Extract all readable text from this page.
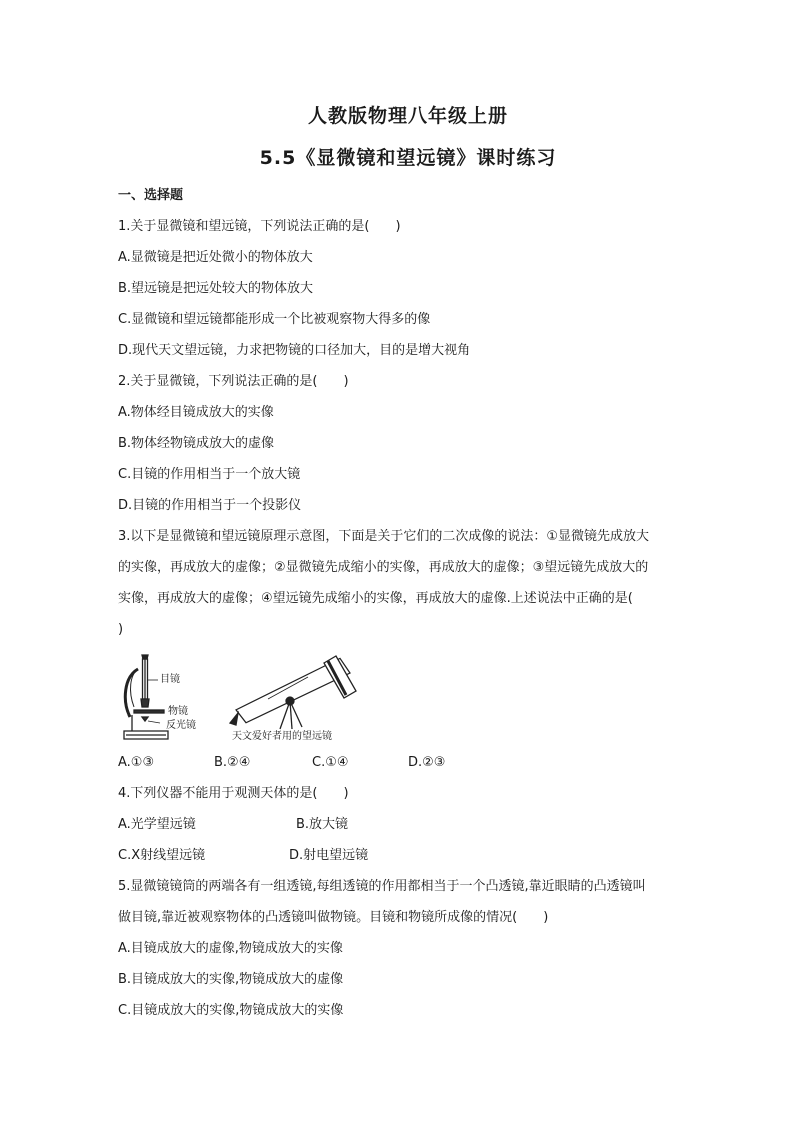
人教版物理八年级上册
5.5《显微镜和望远镜》课时练习
一、选择题
1.关于显微镜和望远镜，下列说法正确的是(　　)
A.显微镜是把近处微小的物体放大
B.望远镜是把远处较大的物体放大
C.显微镜和望远镜都能形成一个比被观察物大得多的像
D.现代天文望远镜，力求把物镜的口径加大，目的是增大视角
2.关于显微镜，下列说法正确的是(　　)
A.物体经目镜成放大的实像
B.物体经物镜成放大的虚像
C.目镜的作用相当于一个放大镜
D.目镜的作用相当于一个投影仪
3.以下是显微镜和望远镜原理示意图，下面是关于它们的二次成像的说法：①显微镜先成放大
的实像，再成放大的虚像；②显微镜先成缩小的实像，再成放大的虚像；③望远镜先成放大的
实像，再成放大的虚像；④望远镜先成缩小的实像，再成放大的虚像.上述说法中正确的是(
)
目镜
物镜
反光镜
天文爱好者用的望远镜
A.①③	B.②④	C.①④	D.②③
4.下列仪器不能用于观测天体的是(　　)
A.光学望远镜	B.放大镜
C.X射线望远镜	D.射电望远镜
5.显微镜镜筒的两端各有一组透镜,每组透镜的作用都相当于一个凸透镜,靠近眼睛的凸透镜叫
做目镜,靠近被观察物体的凸透镜叫做物镜。目镜和物镜所成像的情况(　　)
A.目镜成放大的虚像,物镜成放大的实像
B.目镜成放大的实像,物镜成放大的虚像
C.目镜成放大的实像,物镜成放大的实像
